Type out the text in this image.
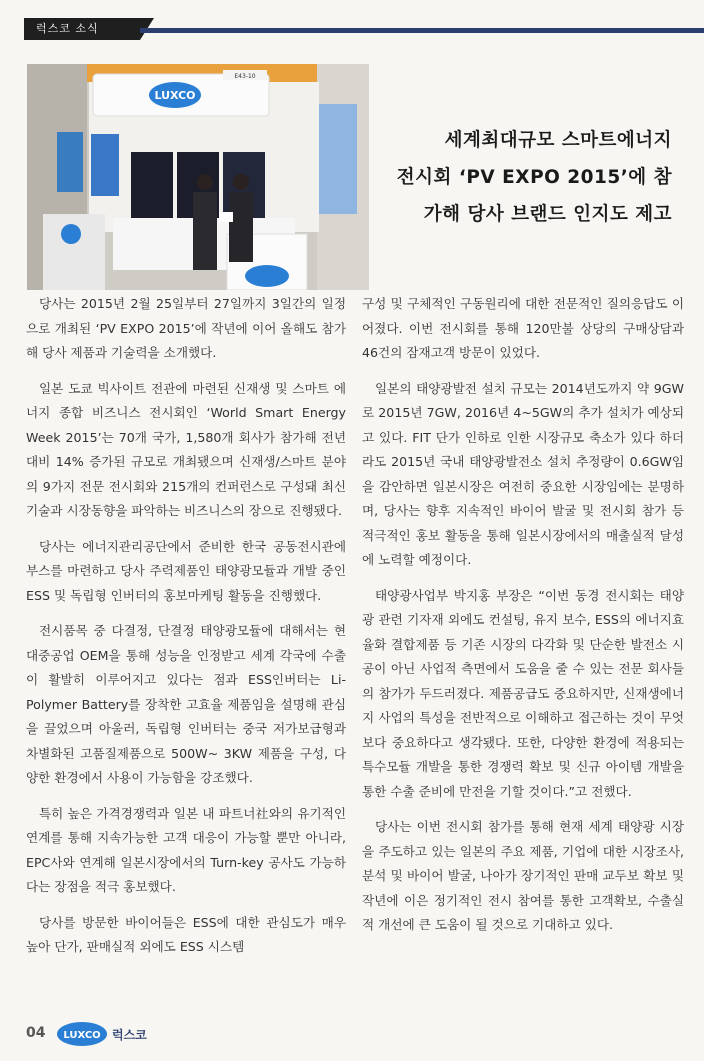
럭스코 소식
E43-10
LUXCO
세계최대규모 스마트에너지
전시회 ‘PV EXPO 2015’에 참
가해 당사 브랜드 인지도 제고

당사는 2015년 2월 25일부터 27일까지 3일간의 일정으로 개최된 ‘PV EXPO 2015’에 작년에 이어 올해도 참가해 당사 제품과 기술력을 소개했다.

일본 도쿄 빅사이트 전관에 마련된 신재생 및 스마트 에너지 종합 비즈니스 전시회인 ‘World Smart Energy Week 2015’는 70개 국가, 1,580개 회사가 참가해 전년대비 14% 증가된 규모로 개최됐으며 신재생/스마트 분야의 9가지 전문 전시회와 215개의 컨퍼런스로 구성돼 최신기술과 시장동향을 파악하는 비즈니스의 장으로 진행됐다.

당사는 에너지관리공단에서 준비한 한국 공동전시관에 부스를 마련하고 당사 주력제품인 태양광모듈과 개발 중인 ESS 및 독립형 인버터의 홍보마케팅 활동을 진행했다.

전시품목 중 다결정, 단결정 태양광모듈에 대해서는 현대중공업 OEM을 통해 성능을 인정받고 세계 각국에 수출이 활발히 이루어지고 있다는 점과 ESS인버터는 Li-Polymer Battery를 장착한 고효율 제품임을 설명해 관심을 끌었으며 아울러, 독립형 인버터는 중국 저가보급형과 차별화된 고품질제품으로 500W~ 3KW 제품을 구성, 다양한 환경에서 사용이 가능함을 강조했다.

특히 높은 가격경쟁력과 일본 내 파트너社와의 유기적인 연계를 통해 지속가능한 고객 대응이 가능할 뿐만 아니라, EPC사와 연계해 일본시장에서의 Turn-key 공사도 가능하다는 장점을 적극 홍보했다.

당사를 방문한 바이어들은 ESS에 대한 관심도가 매우 높아 단가, 판매실적 외에도 ESS 시스템

구성 및 구체적인 구동원리에 대한 전문적인 질의응답도 이어졌다. 이번 전시회를 통해 120만불 상당의 구매상담과 46건의 잠재고객 방문이 있었다.

일본의 태양광발전 설치 규모는 2014년도까지 약 9GW로 2015년 7GW, 2016년 4~5GW의 추가 설치가 예상되고 있다. FIT 단가 인하로 인한 시장규모 축소가 있다 하더라도 2015년 국내 태양광발전소 설치 추정량이 0.6GW임을 감안하면 일본시장은 여전히 중요한 시장임에는 분명하며, 당사는 향후 지속적인 바이어 발굴 및 전시회 참가 등 적극적인 홍보 활동을 통해 일본시장에서의 매출실적 달성에 노력할 예정이다.

태양광사업부 박지홍 부장은 “이번 동경 전시회는 태양광 관련 기자재 외에도 컨설팅, 유지 보수, ESS의 에너지효율화 결합제품 등 기존 시장의 다각화 및 단순한 발전소 시공이 아닌 사업적 측면에서 도움을 줄 수 있는 전문 회사들의 참가가 두드러졌다. 제품공급도 중요하지만, 신재생에너지 사업의 특성을 전반적으로 이해하고 접근하는 것이 무엇보다 중요하다고 생각됐다. 또한, 다양한 환경에 적용되는 특수모듈 개발을 통한 경쟁력 확보 및 신규 아이템 개발을 통한 수출 준비에 만전을 기할 것이다.”고 전했다.

당사는 이번 전시회 참가를 통해 현재 세계 태양광 시장을 주도하고 있는 일본의 주요 제품, 기업에 대한 시장조사, 분석 및 바이어 발굴, 나아가 장기적인 판매 교두보 확보 및 작년에 이은 정기적인 전시 참여를 통한 고객확보, 수출실적 개선에 큰 도움이 될 것으로 기대하고 있다.

04 LUXCO 럭스코
